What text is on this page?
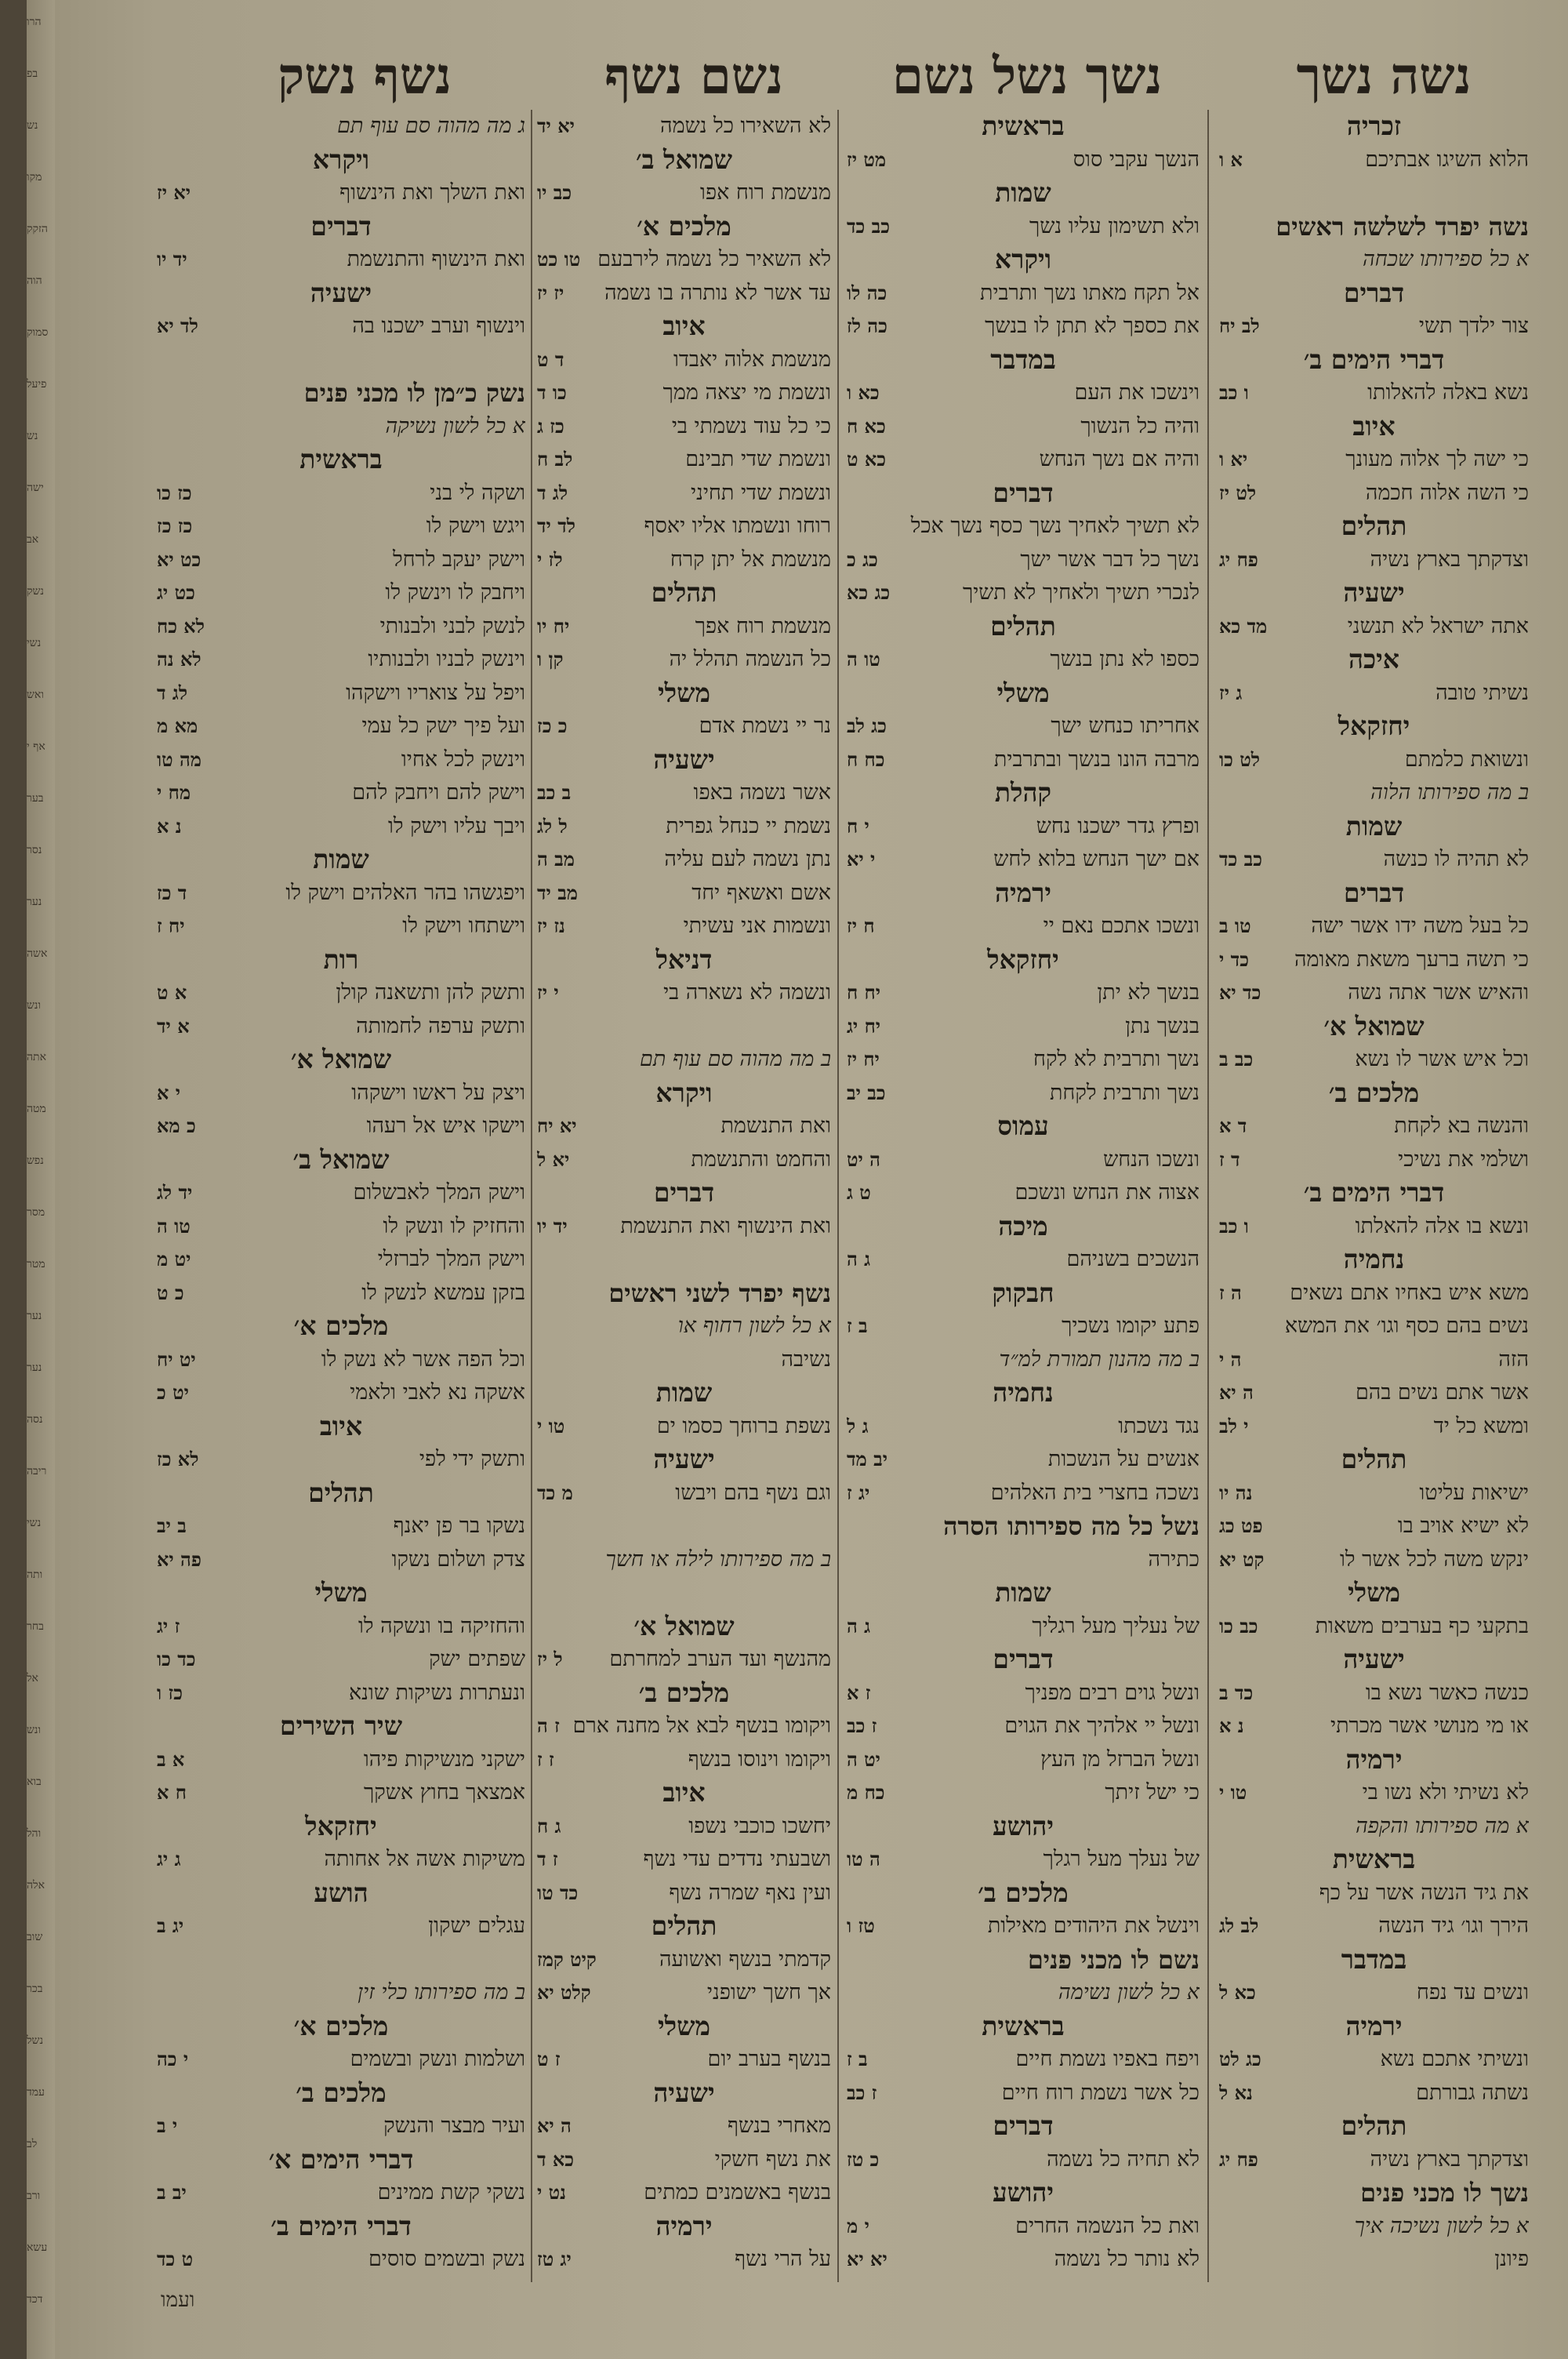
הרו
בפ
נש
מקו
הזקק
הוה
סמוק
פיעל
נש
ישה
אב
נשק
נשי
ואש
אף י
בער
נסר
נער
אשה
ונש
אתה
מטה
נפש
מסר
מטר
נער
נער
נסה
ריבה
נשי
ותה
בחר
אל
ונש
בוא
והל
אלה
שוב
בכר
נשל
עמד
לב
ורב
עשא
דכד
נשה נשך
נשך נשל נשם
נשם נשף
נשף נשק
זכריה
הלוא השיגו אבתיכם
א ו
נשה יפרד לשלשה ראשים
א כל ספירותו שכחה
דברים
צור ילדך תשי
לב יח
דברי הימים ב׳
נשא באלה להאלותו
ו כב
איוב
כי ישה לך אלוה מעונך
יא ו
כי השה אלוה חכמה
לט יז
תהלים
וצדקתך בארץ נשיה
פח יג
ישעיה
אתה ישראל לא תנשני
מד כא
איכה
נשיתי טובה
ג יז
יחזקאל
ונשואת כלמתם
לט כו
ב מה ספירותו הלוה
שמות
לא תהיה לו כנשה
כב כד
דברים
כל בעל משה ידו אשר ישה
טו ב
כי תשה ברעך משאת מאומה
כד י
והאיש אשר אתה נשה
כד יא
שמואל א׳
וכל איש אשר לו נשא
כב ב
מלכים ב׳
והנשה בא לקחת
ד א
ושלמי את נשיכי
ד ז
דברי הימים ב׳
ונשא בו אלה להאלתו
ו כב
נחמיה
משא איש באחיו אתם נשאים
ה ז
נשים בהם כסף וגו׳ את המשא
הזה
ה י
אשר אתם נשים בהם
ה יא
ומשא כל יד
י לב
תהלים
ישיאות עליטו
נה יו
לא ישיא אויב בו
פט כג
ינקש משה לכל אשר לו
קט יא
משלי
בתקעי כף בערבים משאות
כב כו
ישעיה
כנשה כאשר נשא בו
כד ב
או מי מנושי אשר מכרתי
נ א
ירמיה
לא נשיתי ולא נשו בי
טו י
א מה ספירותו והקפה
בראשית
את גיד הנשה אשר על כף
הירך וגו׳ גיד הנשה
לב לג
במדבר
ונשים עד נפח
כא ל
ירמיה
ונשיתי אתכם נשא
כג לט
נשתה גבורתם
נא ל
תהלים
וצדקתך בארץ נשיה
פח יג
נשך לו מכני פנים
א כל לשון נשיכה איך
פיונן
בראשית
הנשך עקבי סוס
מט יז
שמות
ולא תשימון עליו נשך
כב כד
ויקרא
אל תקח מאתו נשך ותרבית
כה לו
את כספך לא תתן לו בנשך
כה לז
במדבר
וינשכו את העם
כא ו
והיה כל הנשוך
כא ח
והיה אם נשך הנחש
כא ט
דברים
לא תשיך לאחיך נשך כסף נשך אכל
נשך כל דבר אשר ישך
כג כ
לנכרי תשיך ולאחיך לא תשיך
כג כא
תהלים
כספו לא נתן בנשך
טו ה
משלי
אחריתו כנחש ישך
כג לב
מרבה הונו בנשך ובתרבית
כח ח
קהלת
ופרץ גדר ישכנו נחש
י ח
אם ישך הנחש בלוא לחש
י יא
ירמיה
ונשכו אתכם נאם יי
ח יז
יחזקאל
בנשך לא יתן
יח ח
בנשך נתן
יח יג
נשך ותרבית לא לקח
יח יז
נשך ותרבית לקחת
כב יב
עמוס
ונשכו הנחש
ה יט
אצוה את הנחש ונשכם
ט ג
מיכה
הנשכים בשניהם
ג ה
חבקוק
פתע יקומו נשכיך
ב ז
ב מה מהנון תמורת למ״ד
נחמיה
נגד נשכתו
ג ל
אנשים על הנשכות
יב מד
נשכה בחצרי בית האלהים
יג ז
נשל כל מה ספירותו הסרה
כתירה
שמות
של נעליך מעל רגליך
ג ה
דברים
ונשל גוים רבים מפניך
ז א
ונשל יי אלהיך את הגוים
ז כב
ונשל הברזל מן העץ
יט ה
כי ישל זיתך
כח מ
יהושע
של נעלך מעל רגלך
ה טו
מלכים ב׳
וינשל את היהודים מאילות
טז ו
נשם לו מכני פנים
א כל לשון נשימה
בראשית
ויפח באפיו נשמת חיים
ב ז
כל אשר נשמת רוח חיים
ז כב
דברים
לא תחיה כל נשמה
כ טז
יהושע
ואת כל הנשמה החרים
י מ
לא נותר כל נשמה
יא יא
לא השאירו כל נשמה
יא יד
שמואל ב׳
מנשמת רוח אפו
כב יו
מלכים א׳
לא השאיר כל נשמה לירבעם
טו כט
עד אשר לא נותרה בו נשמה
יז יז
איוב
מנשמת אלוה יאבדו
ד ט
ונשמת מי יצאה ממך
כו ד
כי כל עוד נשמתי בי
כז ג
ונשמת שדי תבינם
לב ח
ונשמת שדי תחיני
לג ד
רוחו ונשמתו אליו יאסף
לד יד
מנשמת אל יתן קרח
לז י
תהלים
מנשמת רוח אפך
יח יו
כל הנשמה תהלל יה
קן ו
משלי
נר יי נשמת אדם
כ כז
ישעיה
אשר נשמה באפו
ב כב
נשמת יי כנחל גפרית
ל לג
נתן נשמה לעם עליה
מב ה
אשם ואשאף יחד
מב יד
ונשמות אני עשיתי
נז יז
דניאל
ונשמה לא נשארה בי
י יז
ב מה מהוה סם עוף תם
ויקרא
ואת התנשמת
יא יח
והחמט והתנשמת
יא ל
דברים
ואת הינשוף ואת התנשמת
יד יו
נשף יפרד לשני ראשים
א כל לשון רחוף או
נשיבה
שמות
נשפת ברוחך כסמו ים
טו י
ישעיה
וגם נשף בהם ויבשו
מ כד
ב מה ספירותו לילה או חשך
שמואל א׳
מהנשף ועד הערב למחרתם
ל יז
מלכים ב׳
ויקומו בנשף לבא אל מחנה ארם
ז ה
ויקומו וינוסו בנשף
ז ז
איוב
יחשכו כוכבי נשפו
ג ח
ושבעתי נדדים עדי נשף
ז ד
ועין נאף שמרה נשף
כד טו
תהלים
קדמתי בנשף ואשועה
קיט קמז
אך חשך ישופני
קלט יא
משלי
בנשף בערב יום
ז ט
ישעיה
מאחרי בנשף
ה יא
את נשף חשקי
כא ד
בנשף באשמנים כמתים
נט י
ירמיה
על הרי נשף
יג טז
ג מה מהוה סם עוף תם
ויקרא
ואת השלך ואת הינשוף
יא יז
דברים
ואת הינשוף והתנשמת
יד יו
ישעיה
וינשוף וערב ישכנו בה
לד יא
נשק כ״מן לו מכני פנים
א כל לשון נשיקה
בראשית
ושקה לי בני
כז כו
ויגש וישק לו
כז כז
וישק יעקב לרחל
כט יא
ויחבק לו וינשק לו
כט יג
לנשק לבני ולבנותי
לא כח
וינשק לבניו ולבנותיו
לא נה
ויפל על צואריו וישקהו
לג ד
ועל פיך ישק כל עמי
מא מ
וינשק לכל אחיו
מה טו
וישק להם ויחבק להם
מח י
ויבך עליו וישק לו
נ א
שמות
ויפגשהו בהר האלהים וישק לו
ד כז
וישתחו וישק לו
יח ז
רות
ותשק להן ותשאנה קולן
א ט
ותשק ערפה לחמותה
א יד
שמואל א׳
ויצק על ראשו וישקהו
י א
וישקו איש אל רעהו
כ מא
שמואל ב׳
וישק המלך לאבשלום
יד לג
והחזיק לו ונשק לו
טו ה
וישק המלך לברזלי
יט מ
בזקן עמשא לנשק לו
כ ט
מלכים א׳
וכל הפה אשר לא נשק לו
יט יח
אשקה נא לאבי ולאמי
יט כ
איוב
ותשק ידי לפי
לא כז
תהלים
נשקו בר פן יאנף
ב יב
צדק ושלום נשקו
פה יא
משלי
והחזיקה בו ונשקה לו
ז יג
שפתים ישק
כד כו
ונעתרות נשיקות שונא
כז ו
שיר השירים
ישקני מנשיקות פיהו
א ב
אמצאך בחוץ אשקך
ח א
יחזקאל
משיקות אשה אל אחותה
ג יג
הושע
עגלים ישקון
יג ב
ב מה ספירותו כלי זין
מלכים א׳
ושלמות ונשק ובשמים
י כה
מלכים ב׳
ועיר מבצר והנשק
י ב
דברי הימים א׳
נשקי קשת ממינים
יב ב
דברי הימים ב׳
נשק ובשמים סוסים
ט כד
ועמו
